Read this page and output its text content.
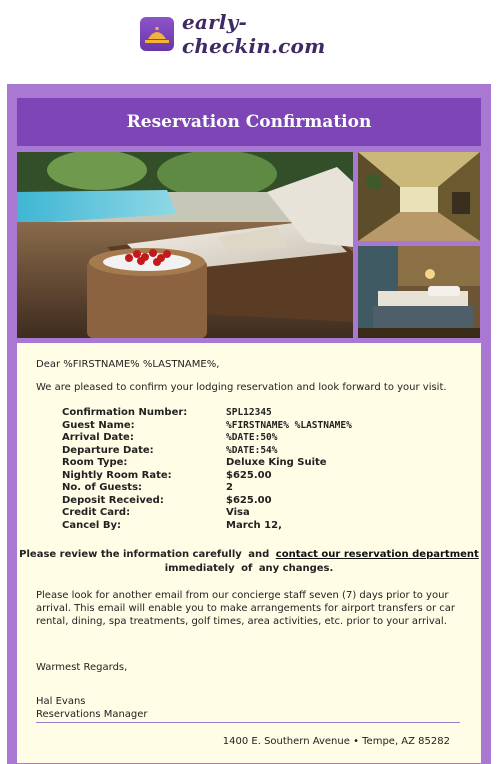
early-checkin.com
Reservation Confirmation
Dear %FIRSTNAME% %LASTNAME%,
We are pleased to confirm your lodging reservation and look forward to your visit.
Confirmation Number:	SPL12345
Guest Name:	%FIRSTNAME% %LASTNAME%
Arrival Date:	%DATE:50%
Departure Date:	%DATE:54%
Room Type:	Deluxe King Suite
Nightly Room Rate:	$625.00
No. of Guests:	2
Deposit Received:	$625.00
Credit Card:	Visa
Cancel By:	March 12,
Please review the information carefully and contact our reservation department immediately of any changes.
Please look for another email from our concierge staff seven (7) days prior to your arrival. This email will enable you to make arrangements for airport transfers or car rental, dining, spa treatments, golf times, area activities, etc. prior to your arrival.
Warmest Regards,
Hal Evans
Reservations Manager
1400 E. Southern Avenue • Tempe, AZ 85282
